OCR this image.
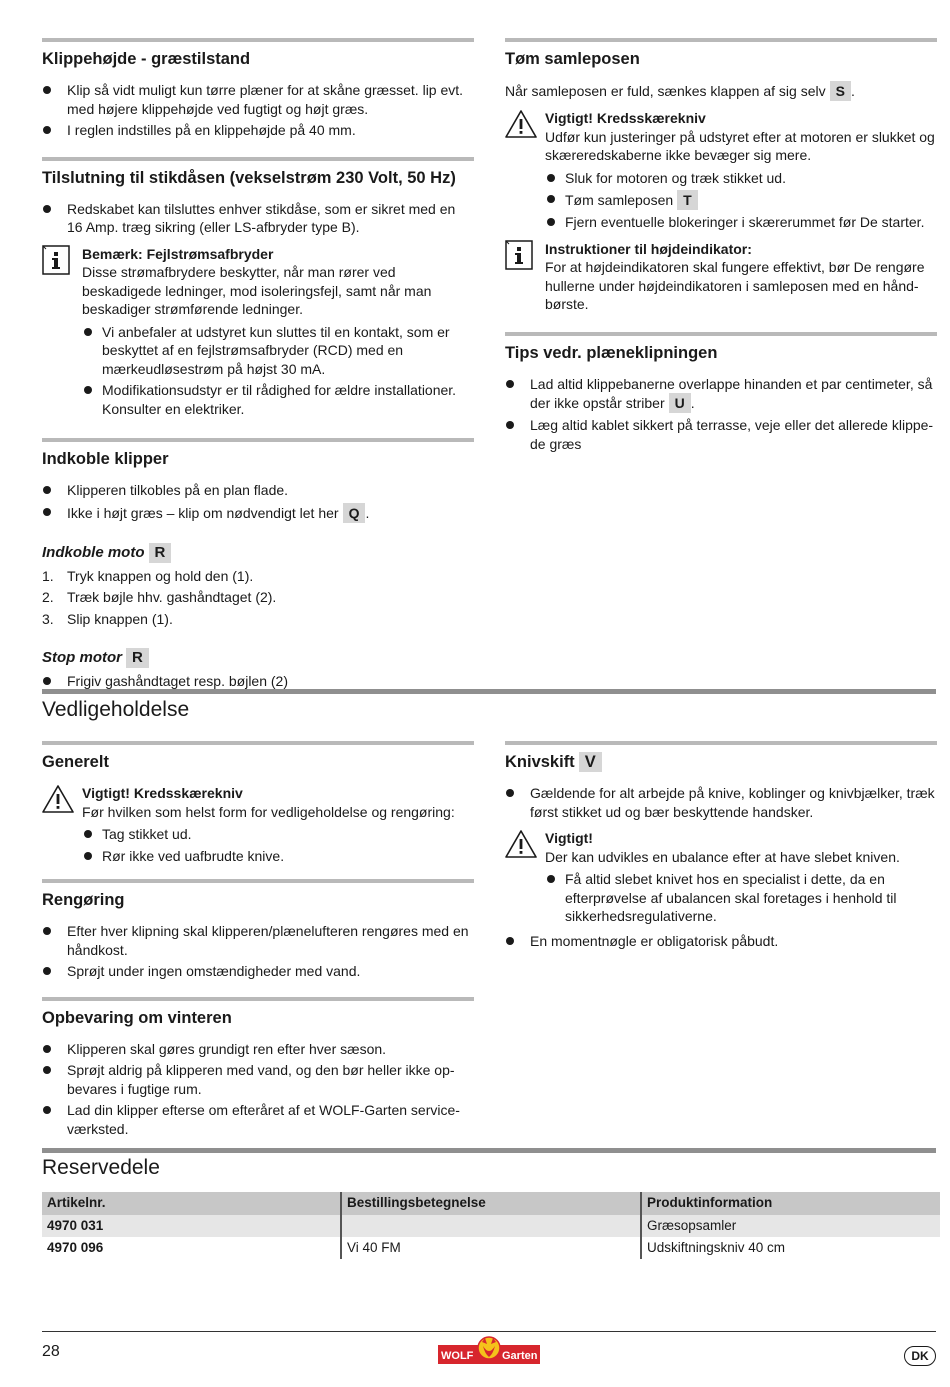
Klippehøjde - græstilstand
Klip så vidt muligt kun tørre plæner for at skåne græsset. lip evt. med højere klippehøjde ved fugtigt og højt græs.
I reglen indstilles på en klippehøjde på 40 mm.
Tilslutning til stikdåsen (vekselstrøm 230 Volt, 50 Hz)
Redskabet kan tilsluttes enhver stikdåse, som er sikret med en 16 Amp. træg sikring (eller LS-afbryder type B).
Bemærk: Fejlstrømsafbryder

Disse strømafbrydere beskytter, når man rører ved beskadigede ledninger, mod isoleringsfejl, samt når man beskadiger strømførende ledninger.

Vi anbefaler at udstyret kun sluttes til en kontakt, som er beskyttet af en fejlstrømsafbryder (RCD) med en mærkeudløsestrøm på højst 30 mA.
Modifikationsudstyr er til rådighed for ældre installationer. Konsulter en elektriker.
Indkoble klipper
Klipperen tilkobles på en plan flade.
Ikke i højt græs – klip om nødvendigt let her Q .
Indkoble moto R
1. Tryk knappen og hold den (1).
2. Træk bøjle hhv. gashåndtaget (2).
3. Slip knappen (1).
Stop motor R
Frigiv gashåndtaget resp. bøjlen (2)
Tøm samleposen

Når samleposen er fuld, sænkes klappen af sig selv S .

Vigtigt! Kredsskærekniv

Udfør kun justeringer på udstyret efter at motoren er slukket og skæreredskaberne ikke bevæger sig mere.

Sluk for motoren og træk stikket ud.
Tøm samleposen T
Fjern eventuelle blokeringer i skærerummet før De starter.
Instruktioner til højdeindikator:

For at højdeindikatoren skal fungere effektivt, bør De rengøre hullerne under højdeindikatoren i samleposen med en hånd-børste.

Tips vedr. plæneklipningen
Lad altid klippebanerne overlappe hinanden et par centimeter, så der ikke opstår striber U .
Læg altid kablet sikkert på terrasse, veje eller det allerede klippe-de græs
Vedligeholdelse
Generelt
Vigtigt! Kredsskærekniv

Før hvilken som helst form for vedligeholdelse og rengøring:

Tag stikket ud.
Rør ikke ved uafbrudte knive.
Rengøring
Efter hver klipning skal klipperen/plænelufteren rengøres med en håndkost.
Sprøjt under ingen omstændigheder med vand.
Opbevaring om vinteren
Klipperen skal gøres grundigt ren efter hver sæson.
Sprøjt aldrig på klipperen med vand, og den bør heller ikke op-bevares i fugtige rum.
Lad din klipper efterse om efteråret af et WOLF-Garten service-værksted.
Knivskift V
Gældende for alt arbejde på knive, koblinger og knivbjælker, træk først stikket ud og bær beskyttende handsker.
Vigtigt!

Der kan udvikles en ubalance efter at have slebet kniven.

Få altid slebet knivet hos en specialist i dette, da en efterprøvelse af ubalancen skal foretages i henhold til sikkerhedsregulativerne.
En momentnøgle er obligatorisk påbudt.
Reservedele
Artikelnr.	Bestillingsbetegnelse	Produktinformation
4970 031		Græsopsamler
4970 096	Vi 40 FM	Udskiftningskniv 40 cm
28	WOLF	Garten	DK
